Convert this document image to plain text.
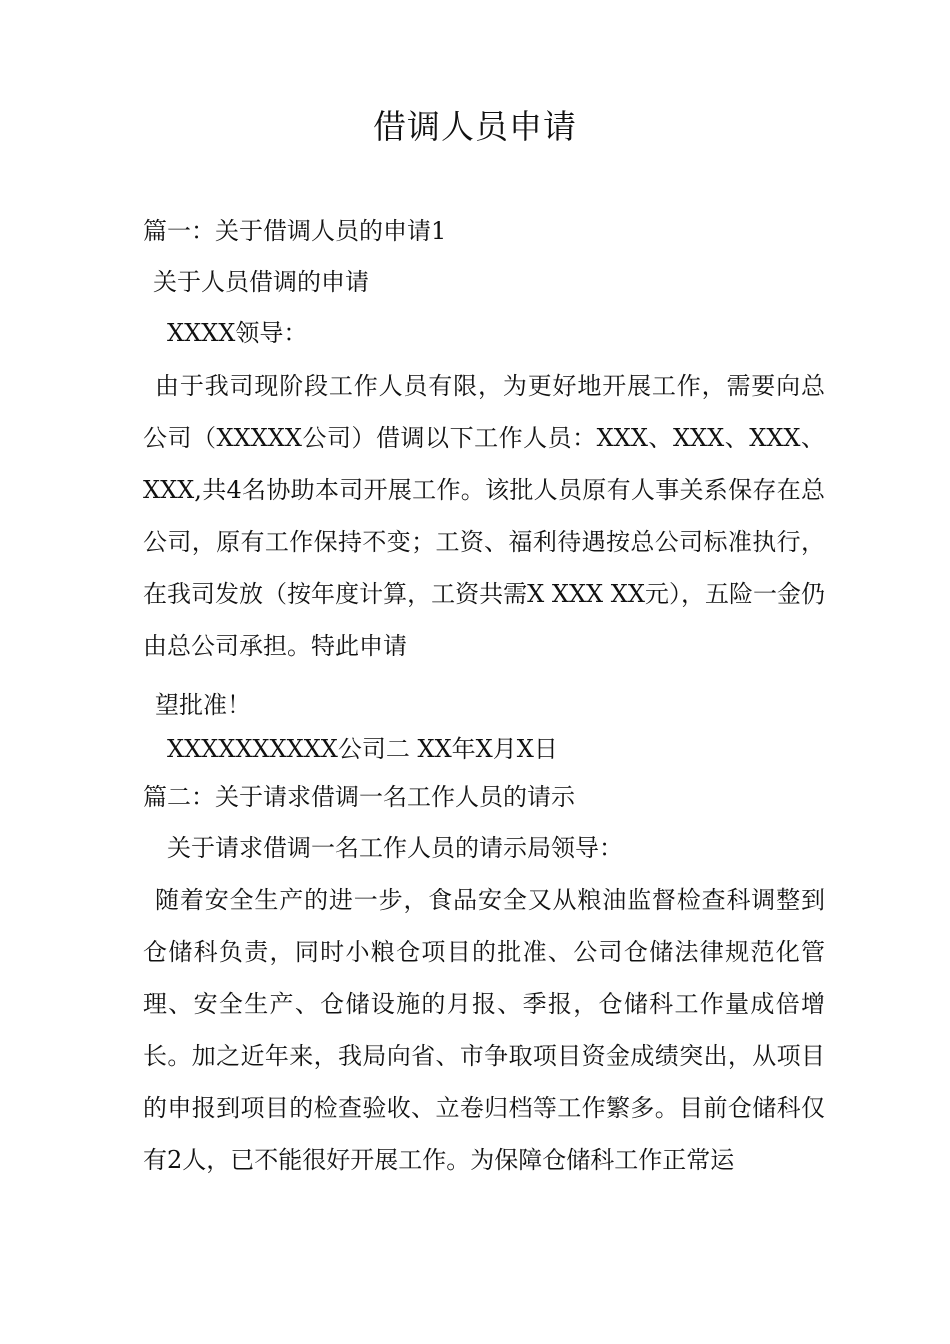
借调人员申请
篇一：关于借调人员的申请1
关于人员借调的申请
XXXX领导：
由于我司现阶段工作人员有限，为更好地开展工作，需要向总公司（XXXXX公司）借调以下工作人员：XXX、XXX、XXX、XXX,共4名协助本司开展工作。该批人员原有人事关系保存在总公司，原有工作保持不变；工资、福利待遇按总公司标准执行，在我司发放（按年度计算，工资共需X XXX XX元），五险一金仍由总公司承担。特此申请
望批准！
XXXXXXXXXX公司二 XX年X月X日
篇二：关于请求借调一名工作人员的请示
关于请求借调一名工作人员的请示局领导：
随着安全生产的进一步，食品安全又从粮油监督检查科调整到仓储科负责，同时小粮仓项目的批准、公司仓储法律规范化管理、安全生产、仓储设施的月报、季报，仓储科工作量成倍增长。加之近年来，我局向省、市争取项目资金成绩突出，从项目的申报到项目的检查验收、立卷归档等工作繁多。目前仓储科仅有2人，已不能很好开展工作。为保障仓储科工作正常运
